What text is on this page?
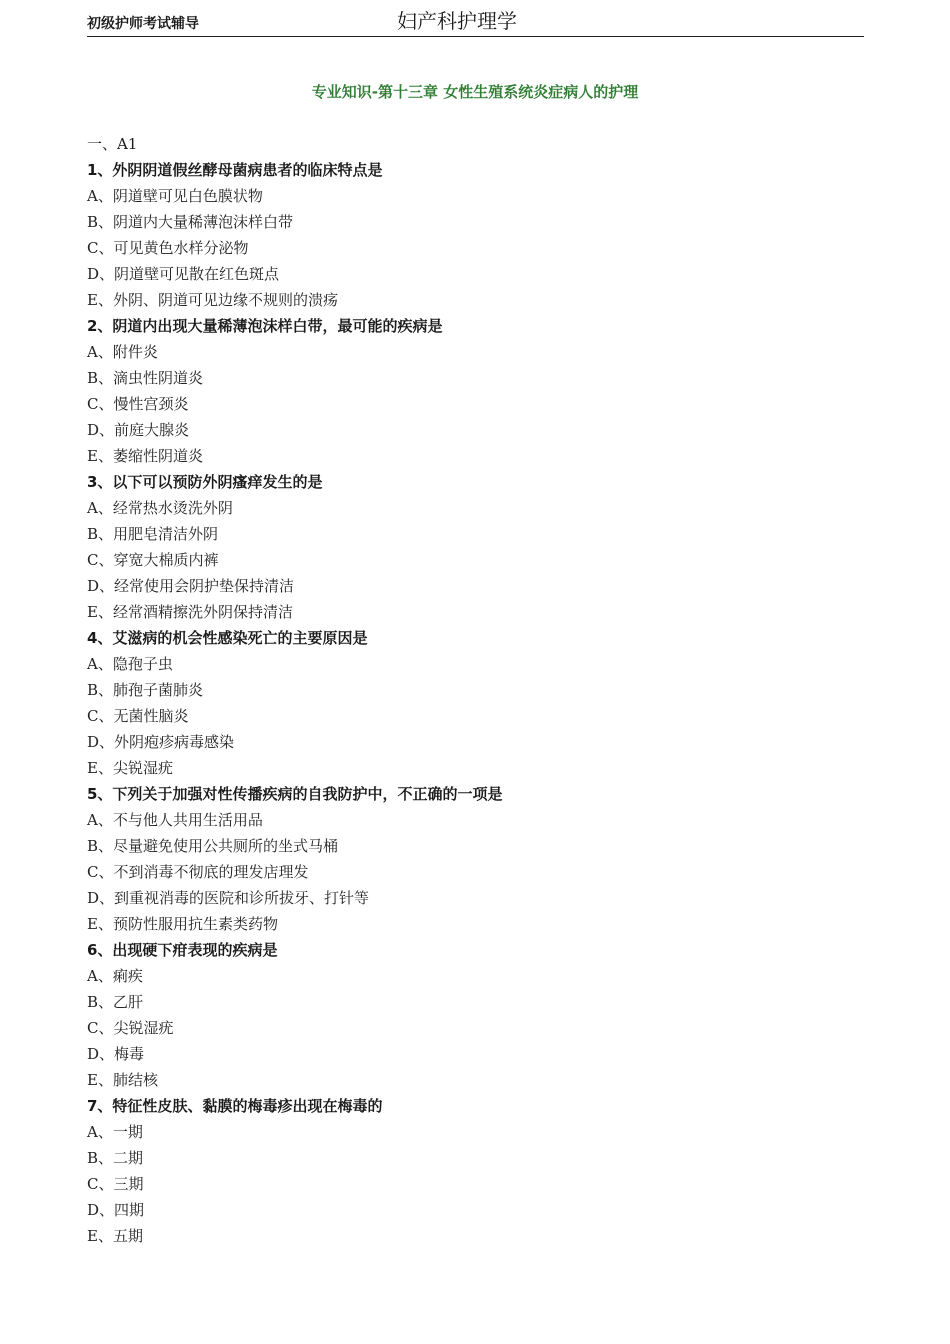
初级护师考试辅导	妇产科护理学
专业知识-第十三章 女性生殖系统炎症病人的护理
一、A1
1、外阴阴道假丝酵母菌病患者的临床特点是
A、阴道壁可见白色膜状物
B、阴道内大量稀薄泡沫样白带
C、可见黄色水样分泌物
D、阴道壁可见散在红色斑点
E、外阴、阴道可见边缘不规则的溃疡
2、阴道内出现大量稀薄泡沫样白带，最可能的疾病是
A、附件炎
B、滴虫性阴道炎
C、慢性宫颈炎
D、前庭大腺炎
E、萎缩性阴道炎
3、以下可以预防外阴瘙痒发生的是
A、经常热水烫洗外阴
B、用肥皂清洁外阴
C、穿宽大棉质内裤
D、经常使用会阴护垫保持清洁
E、经常酒精擦洗外阴保持清洁
4、艾滋病的机会性感染死亡的主要原因是
A、隐孢子虫
B、肺孢子菌肺炎
C、无菌性脑炎
D、外阴疱疹病毒感染
E、尖锐湿疣
5、下列关于加强对性传播疾病的自我防护中，不正确的一项是
A、不与他人共用生活用品
B、尽量避免使用公共厕所的坐式马桶
C、不到消毒不彻底的理发店理发
D、到重视消毒的医院和诊所拔牙、打针等
E、预防性服用抗生素类药物
6、出现硬下疳表现的疾病是
A、痢疾
B、乙肝
C、尖锐湿疣
D、梅毒
E、肺结核
7、特征性皮肤、黏膜的梅毒疹出现在梅毒的
A、一期
B、二期
C、三期
D、四期
E、五期
